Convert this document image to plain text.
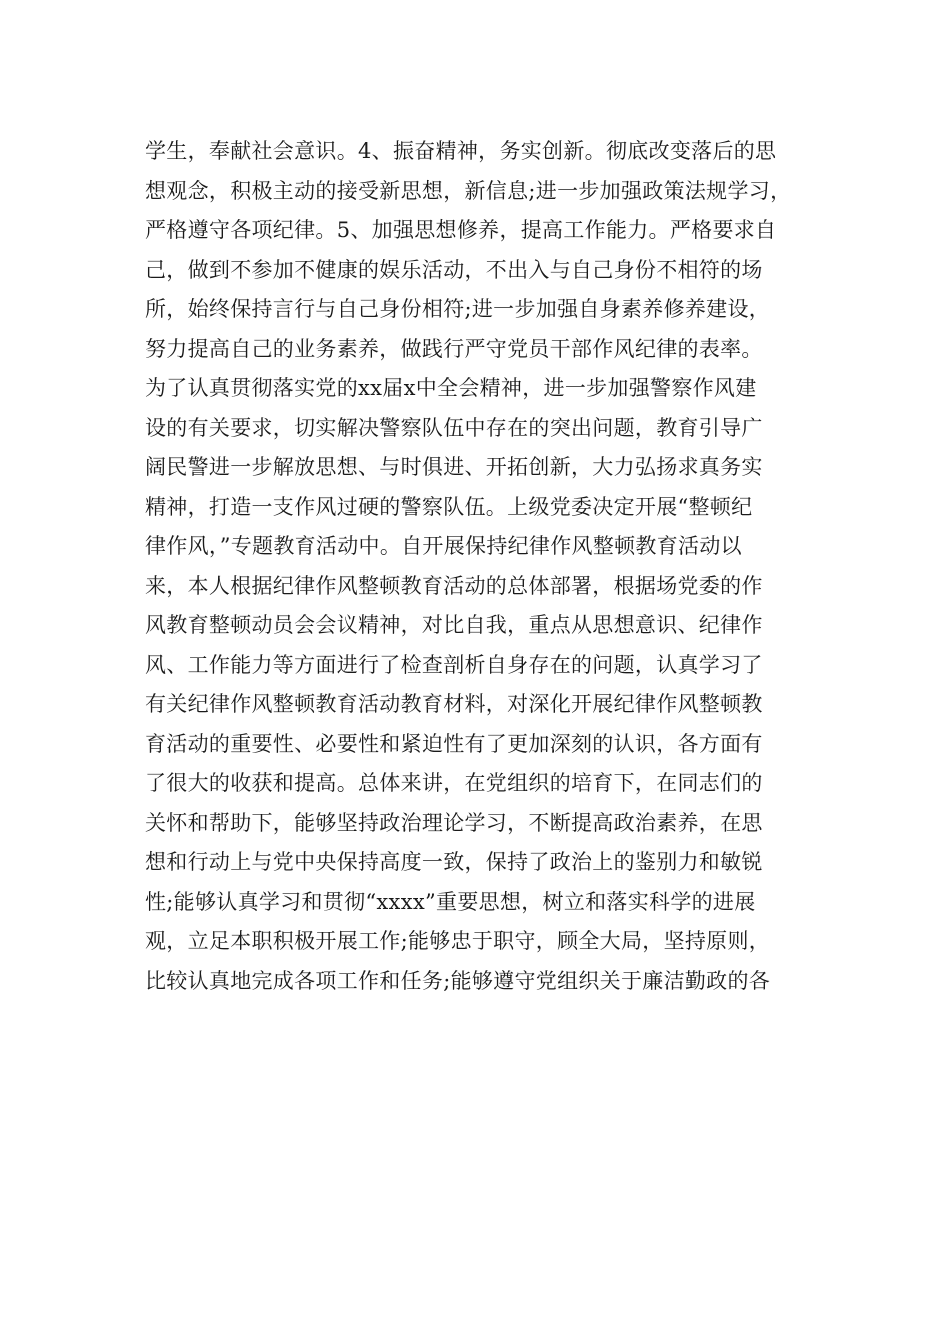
学生，奉献社会意识。4、振奋精神，务实创新。彻底改变落后的思
想观念，积极主动的接受新思想，新信息;进一步加强政策法规学习，
严格遵守各项纪律。5、加强思想修养，提高工作能力。严格要求自
己，做到不参加不健康的娱乐活动，不出入与自己身份不相符的场
所，始终保持言行与自己身份相符;进一步加强自身素养修养建设，
努力提高自己的业务素养，做践行严守党员干部作风纪律的表率。
为了认真贯彻落实党的xx届x中全会精神，进一步加强警察作风建
设的有关要求，切实解决警察队伍中存在的突出问题，教育引导广
阔民警进一步解放思想、与时俱进、开拓创新，大力弘扬求真务实
精神，打造一支作风过硬的警察队伍。上级党委决定开展“整顿纪
律作风，”专题教育活动中。自开展保持纪律作风整顿教育活动以
来，本人根据纪律作风整顿教育活动的总体部署，根据场党委的作
风教育整顿动员会会议精神，对比自我，重点从思想意识、纪律作
风、工作能力等方面进行了检查剖析自身存在的问题，认真学习了
有关纪律作风整顿教育活动教育材料，对深化开展纪律作风整顿教
育活动的重要性、必要性和紧迫性有了更加深刻的认识，各方面有
了很大的收获和提高。总体来讲，在党组织的培育下，在同志们的
关怀和帮助下，能够坚持政治理论学习，不断提高政治素养，在思
想和行动上与党中央保持高度一致，保持了政治上的鉴别力和敏锐
性;能够认真学习和贯彻“xxxx”重要思想，树立和落实科学的进展
观，立足本职积极开展工作;能够忠于职守，顾全大局，坚持原则，
比较认真地完成各项工作和任务;能够遵守党组织关于廉洁勤政的各
